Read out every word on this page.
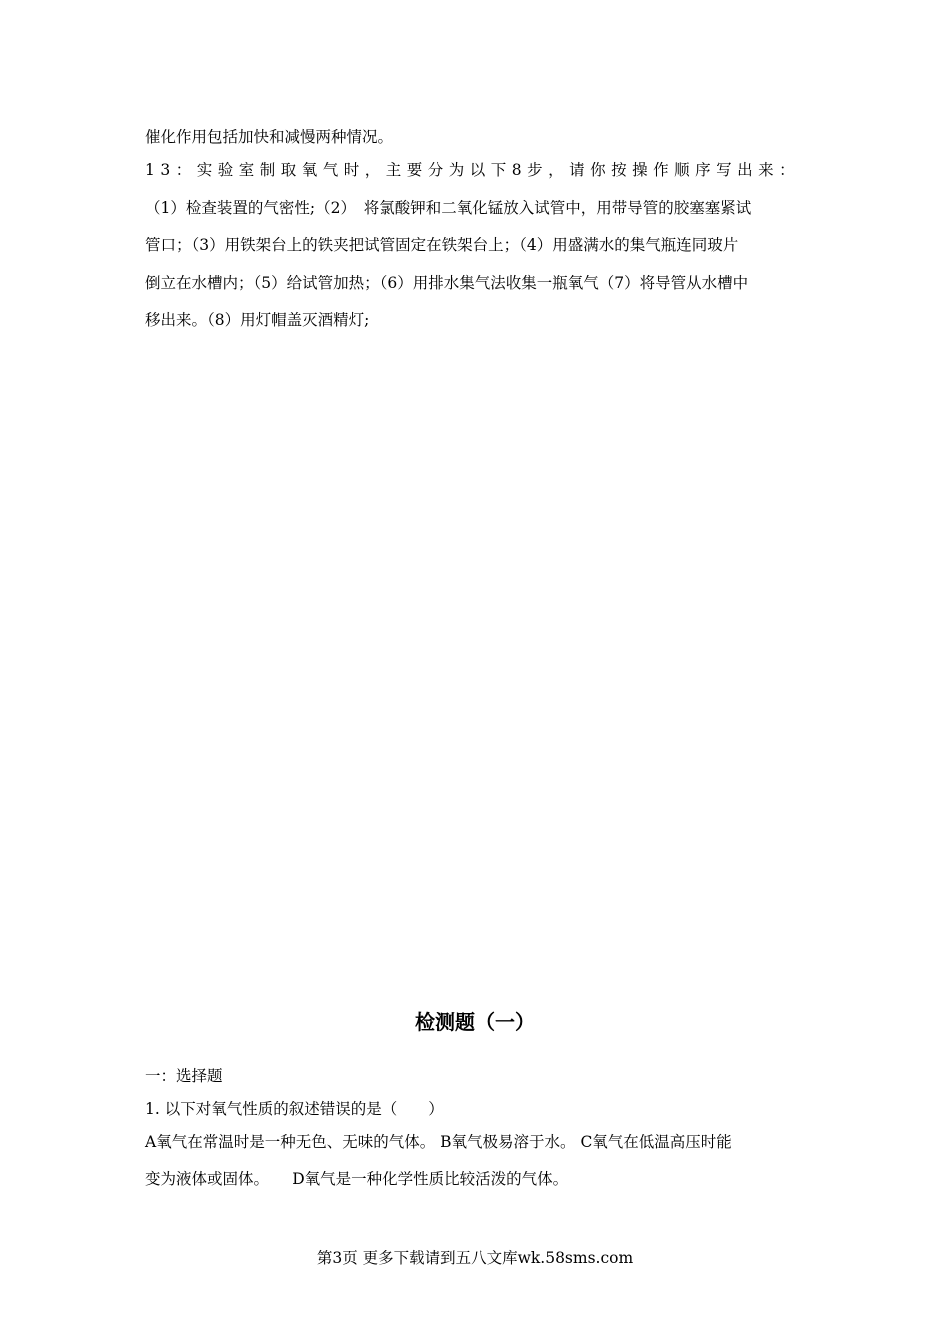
催化作用包括加快和减慢两种情况。
13：实验室制取氧气时，主要分为以下8步，请你按操作顺序写出来：
（1）检查装置的气密性;（2）　将氯酸钾和二氧化锰放入试管中，用带导管的胶塞塞紧试
管口；（3）用铁架台上的铁夹把试管固定在铁架台上；（4）用盛满水的集气瓶连同玻片
倒立在水槽内；（5）给试管加热；（6）用排水集气法收集一瓶氧气（7）将导管从水槽中
移出来。（8）用灯帽盖灭酒精灯;
检测题（一）
一：选择题
1. 以下对氧气性质的叙述错误的是（　　）
A氧气在常温时是一种无色、无味的气体。 B氧气极易溶于水。 C氧气在低温高压时能
变为液体或固体。　　D氧气是一种化学性质比较活泼的气体。
第3页 更多下载请到五八文库wk.58sms.com
